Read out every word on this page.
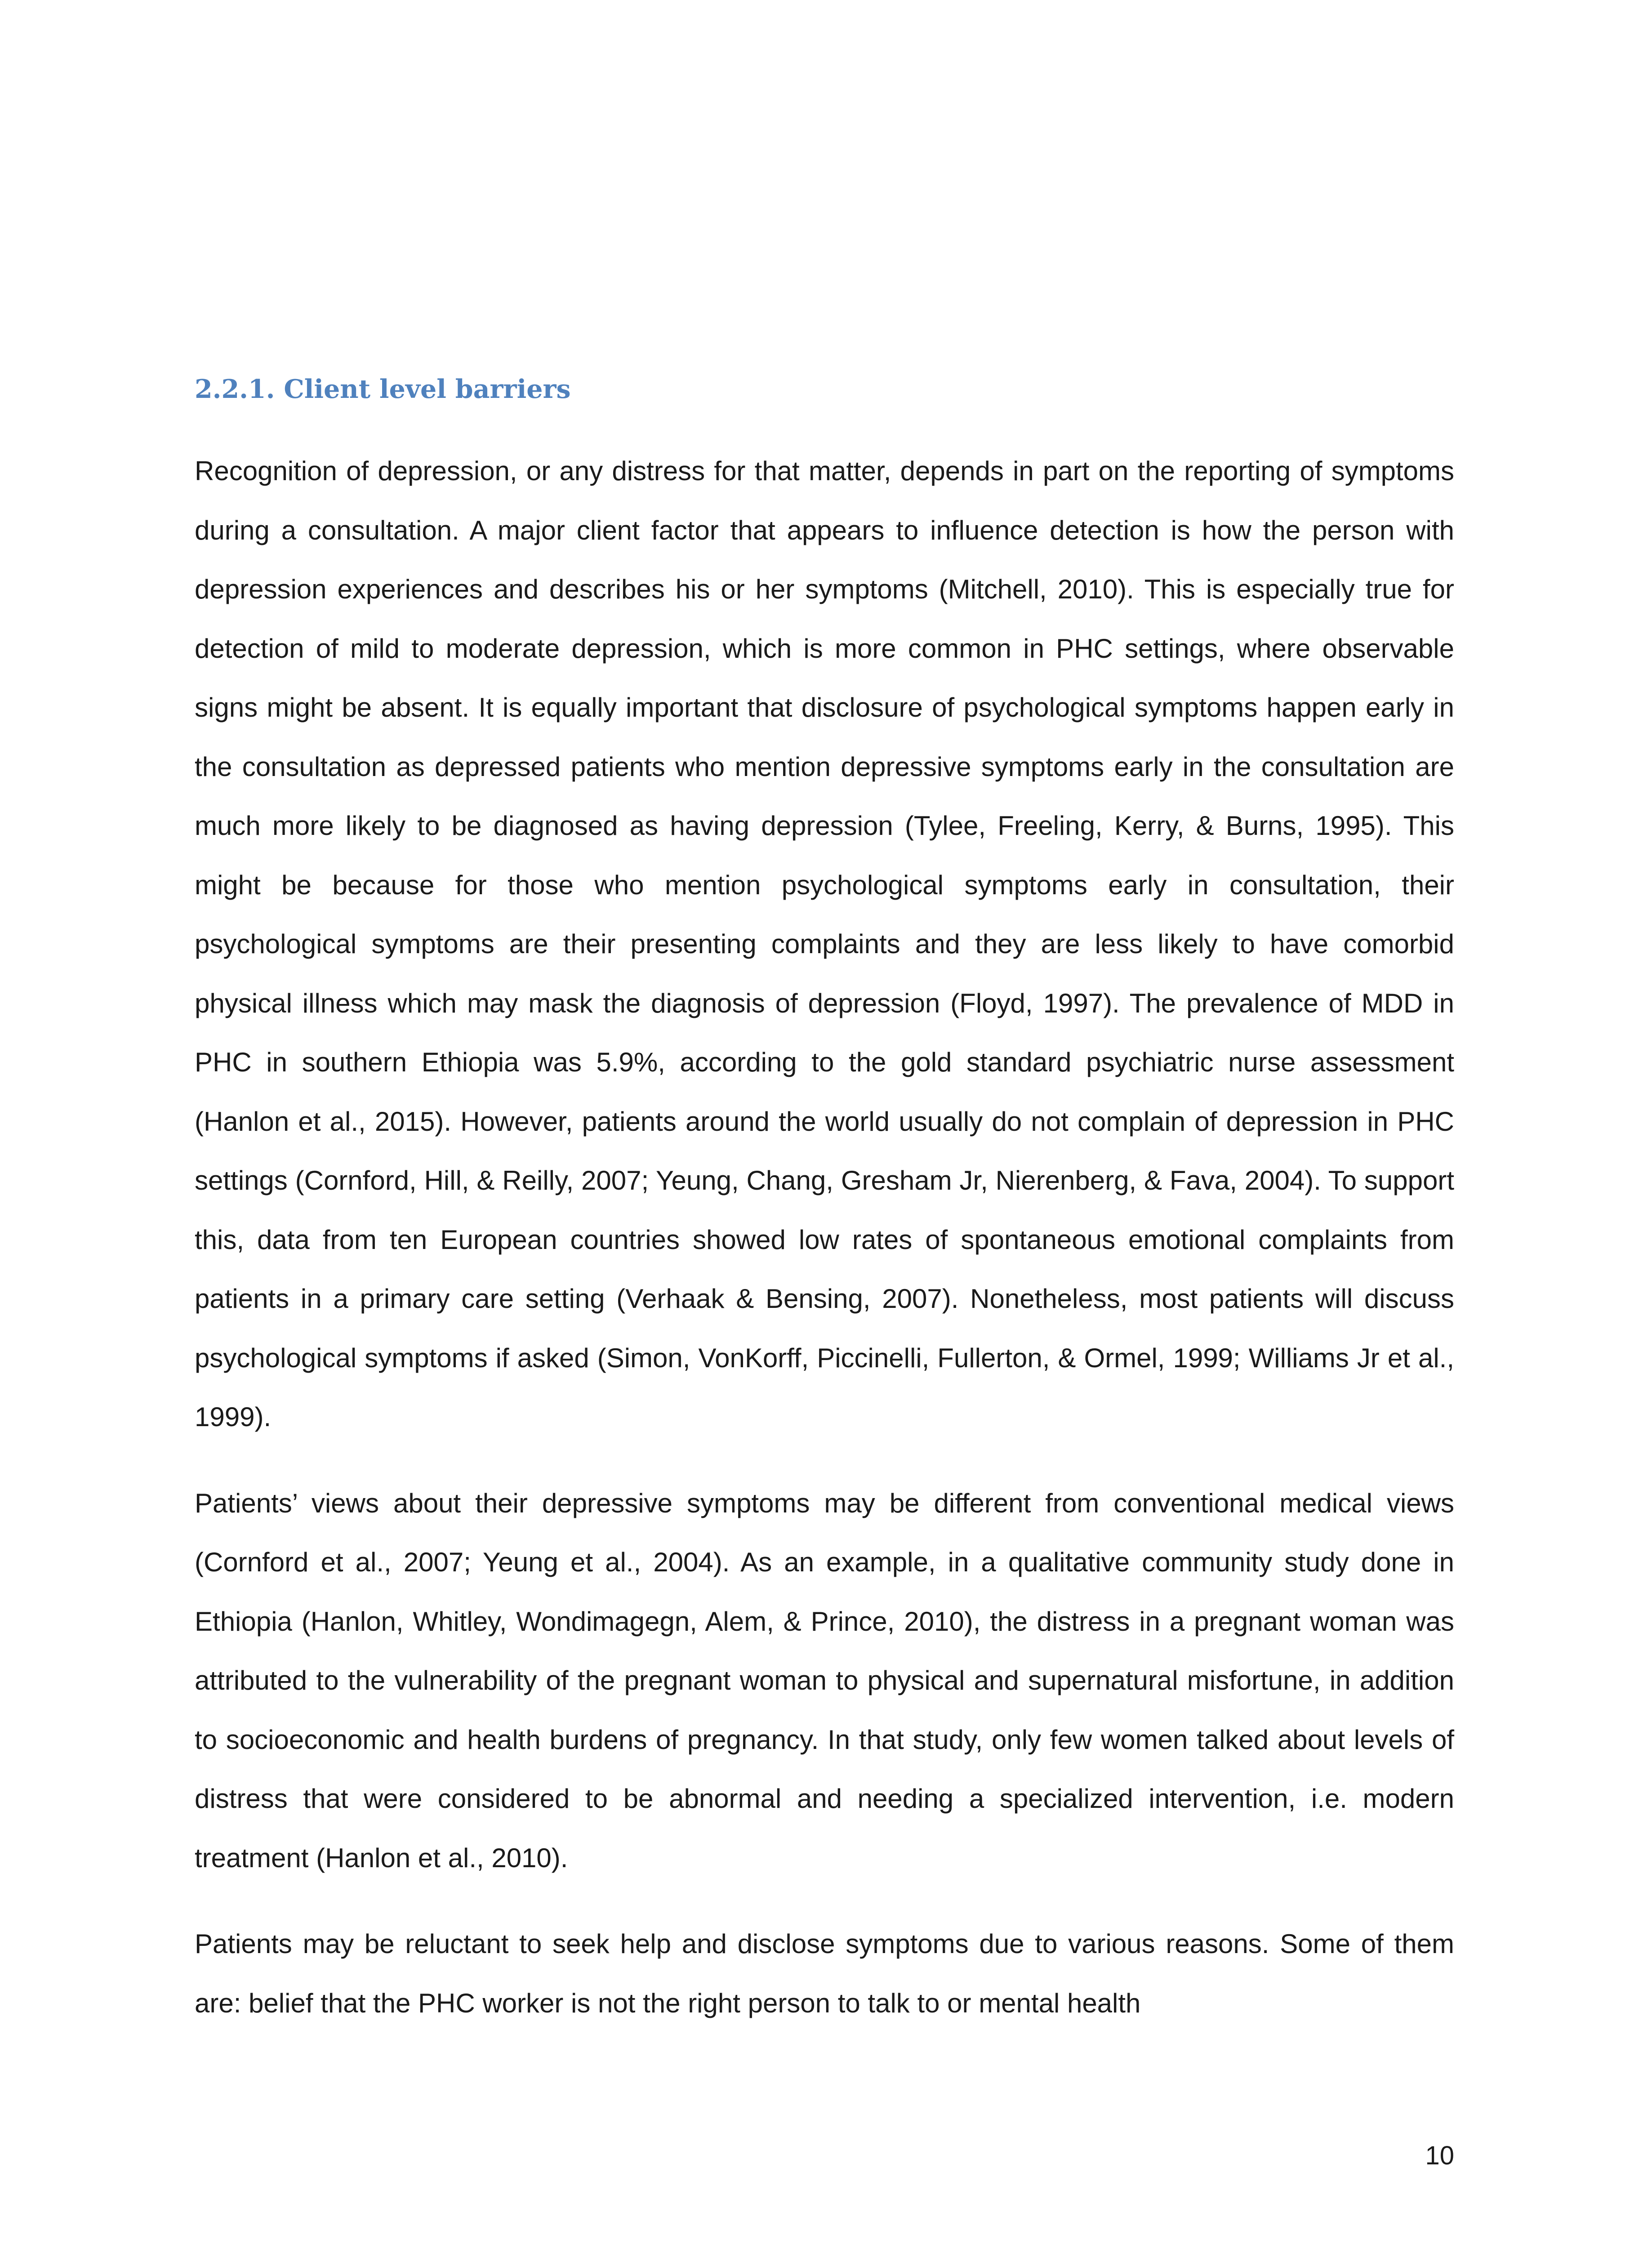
2.2.1. Client level barriers

Recognition of depression, or any distress for that matter, depends in part on the reporting of symptoms during a consultation. A major client factor that appears to influence detection is how the person with depression experiences and describes his or her symptoms (Mitchell, 2010). This is especially true for detection of mild to moderate depression, which is more common in PHC settings, where observable signs might be absent. It is equally important that disclosure of psychological symptoms happen early in the consultation as depressed patients who mention depressive symptoms early in the consultation are much more likely to be diagnosed as having depression (Tylee, Freeling, Kerry, & Burns, 1995). This might be because for those who mention psychological symptoms early in consultation, their psychological symptoms are their presenting complaints and they are less likely to have comorbid physical illness which may mask the diagnosis of depression (Floyd, 1997). The prevalence of MDD in PHC in southern Ethiopia was 5.9%, according to the gold standard psychiatric nurse assessment (Hanlon et al., 2015). However, patients around the world usually do not complain of depression in PHC settings (Cornford, Hill, & Reilly, 2007; Yeung, Chang, Gresham Jr, Nierenberg, & Fava, 2004). To support this, data from ten European countries showed low rates of spontaneous emotional complaints from patients in a primary care setting (Verhaak & Bensing, 2007). Nonetheless, most patients will discuss psychological symptoms if asked (Simon, VonKorff, Piccinelli, Fullerton, & Ormel, 1999; Williams Jr et al., 1999).

Patients’ views about their depressive symptoms may be different from conventional medical views (Cornford et al., 2007; Yeung et al., 2004). As an example, in a qualitative community study done in Ethiopia (Hanlon, Whitley, Wondimagegn, Alem, & Prince, 2010), the distress in a pregnant woman was attributed to the vulnerability of the pregnant woman to physical and supernatural misfortune, in addition to socioeconomic and health burdens of pregnancy. In that study, only few women talked about levels of distress that were considered to be abnormal and needing a specialized intervention, i.e. modern treatment (Hanlon et al., 2010).

Patients may be reluctant to seek help and disclose symptoms due to various reasons. Some of them are: belief that the PHC worker is not the right person to talk to or mental health

10
